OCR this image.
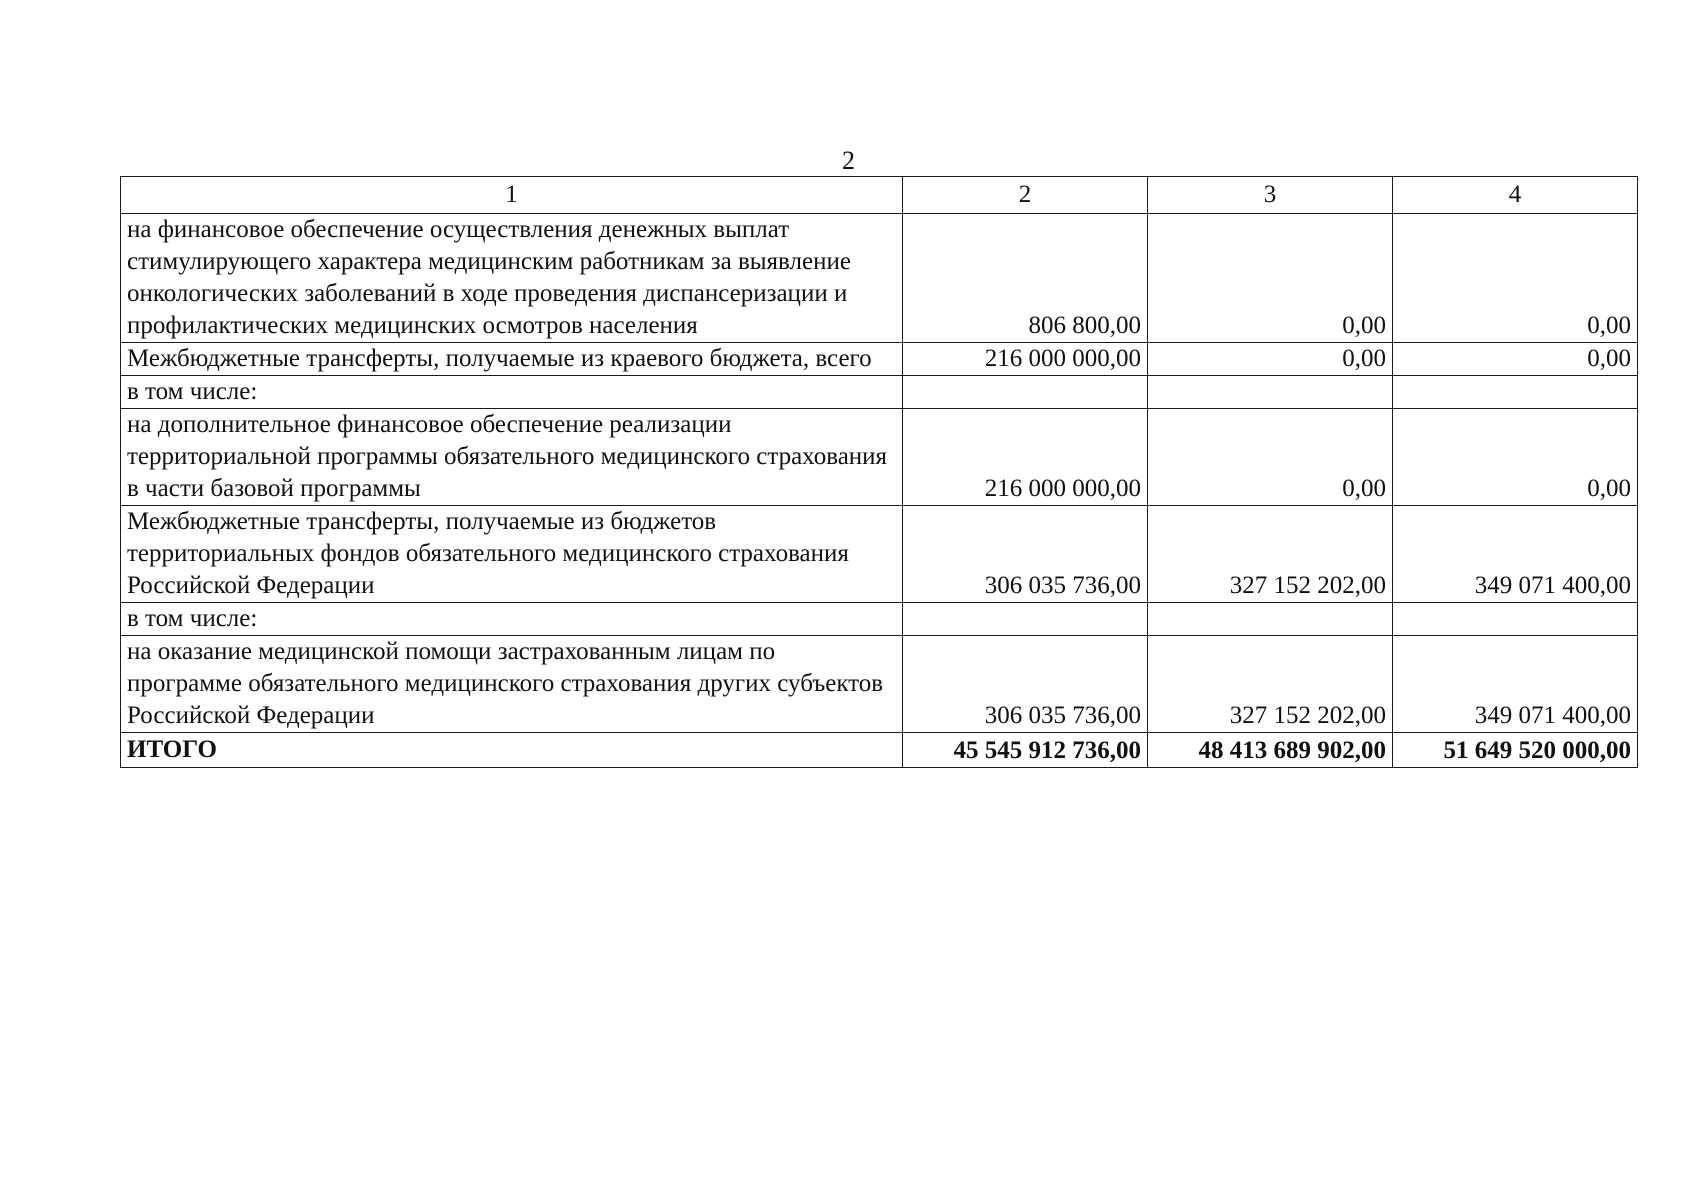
2
1	2	3	4
на финансовое обеспечение осуществления денежных выплат стимулирующего характера медицинским работникам за выявление онкологических заболеваний в ходе проведения диспансеризации и профилактических медицинских осмотров населения	806 800,00	0,00	0,00
Межбюджетные трансферты, получаемые из краевого бюджета, всего	216 000 000,00	0,00	0,00
в том числе:			
на дополнительное финансовое обеспечение реализации территориальной программы обязательного медицинского страхования в части базовой программы	216 000 000,00	0,00	0,00
Межбюджетные трансферты, получаемые из бюджетов территориальных фондов обязательного медицинского страхования Российской Федерации	306 035 736,00	327 152 202,00	349 071 400,00
в том числе:			
на оказание медицинской помощи застрахованным лицам по программе обязательного медицинского страхования других субъектов Российской Федерации	306 035 736,00	327 152 202,00	349 071 400,00
ИТОГО	45 545 912 736,00	48 413 689 902,00	51 649 520 000,00
